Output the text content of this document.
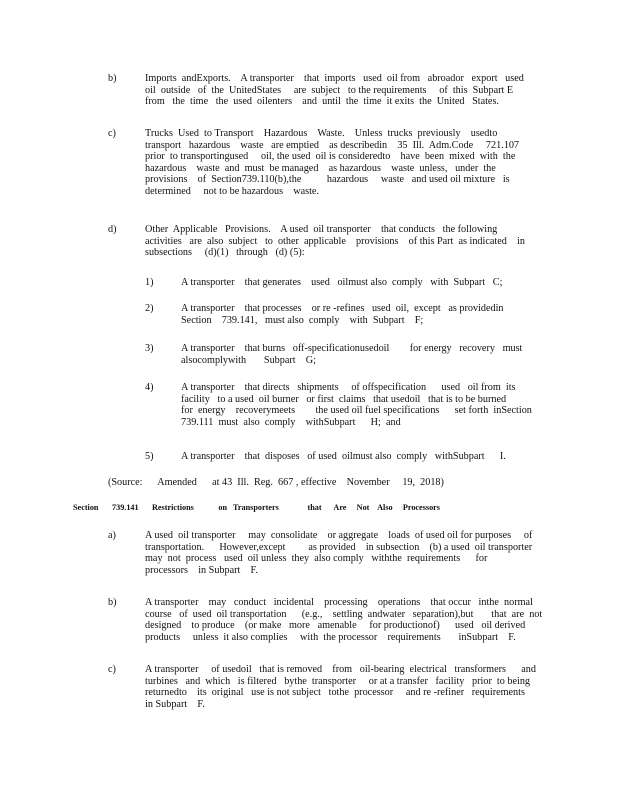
b)	Imports  andExports.    A transporter    that  imports   used  oil from   abroador   export   used
oil  outside   of  the  UnitedStates     are  subject   to the requirements     of  this  Subpart E
from   the  time   the  used  oilenters    and  until  the  time  it exits  the  United   States.
c)	Trucks  Used  to Transport    Hazardous    Waste.    Unless  trucks  previously    usedto
transport   hazardous    waste   are emptied    as describedin    35  Ill.  Adm.Code     721.107
prior  to transportingused     oil, the used  oil is consideredto    have  been  mixed  with  the
hazardous    waste  and  must  be managed    as hazardous    waste  unless,   under  the
provisions    of  Section739.110(b),the          hazardous     waste   and used oil mixture   is
determined     not to be hazardous    waste.
d)	Other  Applicable   Provisions.    A used  oil transporter    that conducts   the following
activities   are  also  subject   to  other  applicable    provisions    of this Part  as indicated    in
subsections     (d)(1)   through   (d) (5):
1)	A transporter    that generates    used   oilmust also  comply   with  Subpart   C;
2)	A transporter    that processes    or re -refines   used  oil,  except   as providedin
Section    739.141,   must also  comply    with  Subpart    F;
3)	A transporter    that burns   off-specificationusedoil        for energy   recovery   must
alsocomplywith       Subpart    G;
4)	A transporter    that directs   shipments     of offspecification      used   oil from  its
facility   to a used  oil burner   or first  claims   that usedoil   that is to be burned
for  energy    recoverymeets        the used oil fuel specifications      set forth  inSection
739.111  must  also  comply    withSubpart      H;  and
5)	A transporter    that  disposes   of used  oilmust also  comply   withSubpart      I.
(Source:      Amended      at 43  Ill.  Reg.  667 , effective    November     19,  2018)
Section 739.141 Restrictions            on   Transporters              that      Are     Not    Also     Processors
a)	A used  oil transporter     may  consolidate    or aggregate    loads  of used oil for purposes     of
transportation.      However,except         as provided    in subsection    (b) a used  oil transporter
may  not  process   used  oil unless  they  also comply   withthe  requirements      for
processors    in Subpart    F.
b)	A transporter    may   conduct   incidental    processing    operations    that occur   inthe  normal
course   of  used  oil transportation      (e.g.,    settling  andwater   separation),but       that  are  not
designed    to produce    (or make   more   amenable     for productionof)      used   oil derived
products     unless  it also complies     with  the processor    requirements       inSubpart    F.
c)	A transporter     of usedoil   that is removed    from   oil-bearing  electrical   transformers      and
turbines   and  which   is filtered   bythe  transporter     or at a transfer   facility   prior  to being
returnedto    its  original   use is not subject   tothe  processor     and re -refiner   requirements
in Subpart    F.
